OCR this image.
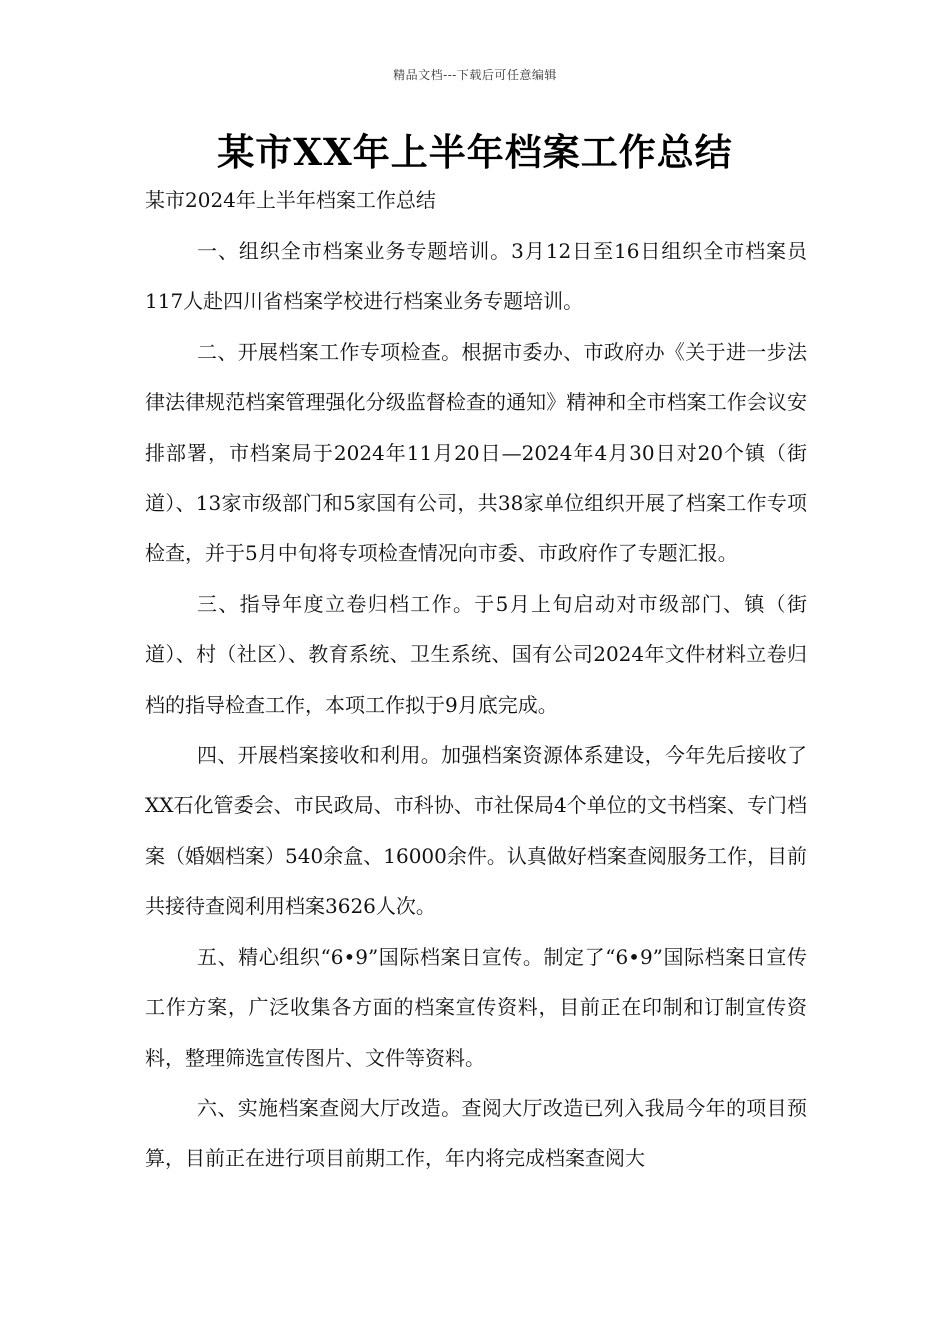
精品文档---下载后可任意编辑
某市XX年上半年档案工作总结
某市2024年上半年档案工作总结

一、组织全市档案业务专题培训。3月12日至16日组织全市档案员117人赴四川省档案学校进行档案业务专题培训。

二、开展档案工作专项检查。根据市委办、市政府办《关于进一步法律法律规范档案管理强化分级监督检查的通知》精神和全市档案工作会议安排部署，市档案局于2024年11月20日—2024年4月30日对20个镇（街道）、13家市级部门和5家国有公司，共38家单位组织开展了档案工作专项检查，并于5月中旬将专项检查情况向市委、市政府作了专题汇报。

三、指导年度立卷归档工作。于5月上旬启动对市级部门、镇（街道）、村（社区）、教育系统、卫生系统、国有公司2024年文件材料立卷归档的指导检查工作，本项工作拟于9月底完成。

四、开展档案接收和利用。加强档案资源体系建设，今年先后接收了XX石化管委会、市民政局、市科协、市社保局4个单位的文书档案、专门档案（婚姻档案）540余盒、16000余件。认真做好档案查阅服务工作，目前共接待查阅利用档案3626人次。

五、精心组织“6•9”国际档案日宣传。制定了“6•9”国际档案日宣传工作方案，广泛收集各方面的档案宣传资料，目前正在印制和订制宣传资料，整理筛选宣传图片、文件等资料。

六、实施档案查阅大厅改造。查阅大厅改造已列入我局今年的项目预算，目前正在进行项目前期工作，年内将完成档案查阅大
